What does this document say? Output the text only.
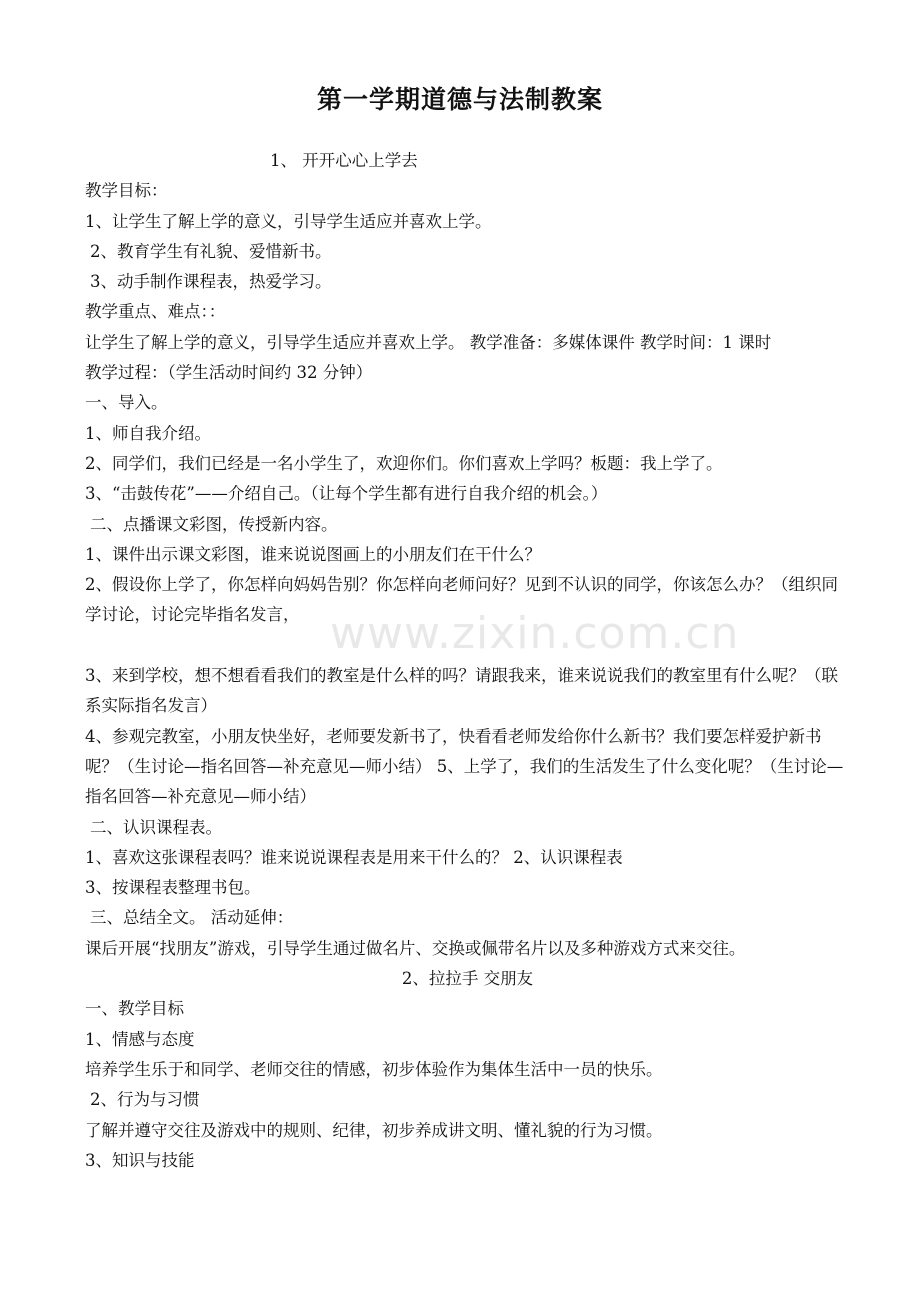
第一学期道德与法制教案
www.zixin.com.cn
1、 开开心心上学去
教学目标：
1、让学生了解上学的意义，引导学生适应并喜欢上学。
2、教育学生有礼貌、爱惜新书。
3、动手制作课程表，热爱学习。
教学重点、难点：：
让学生了解上学的意义，引导学生适应并喜欢上学。 教学准备：多媒体课件 教学时间：1 课时
教学过程：（学生活动时间约 32 分钟）
一、导入。
1、师自我介绍。
2、同学们，我们已经是一名小学生了，欢迎你们。你们喜欢上学吗？板题：我上学了。
3、“击鼓传花”——介绍自己。（让每个学生都有进行自我介绍的机会。）
二、点播课文彩图，传授新内容。
1、课件出示课文彩图，谁来说说图画上的小朋友们在干什么？
2、假设你上学了，你怎样向妈妈告别？你怎样向老师问好？见到不认识的同学，你该怎么办？（组织同学讨论，讨论完毕指名发言，
3、来到学校，想不想看看我们的教室是什么样的吗？请跟我来，谁来说说我们的教室里有什么呢？（联系实际指名发言）
4、参观完教室，小朋友快坐好，老师要发新书了，快看看老师发给你什么新书？我们要怎样爱护新书呢？（生讨论—指名回答—补充意见—师小结） 5、上学了，我们的生活发生了什么变化呢？（生讨论—指名回答—补充意见—师小结）
二、认识课程表。
1、喜欢这张课程表吗？谁来说说课程表是用来干什么的？ 2、认识课程表
3、按课程表整理书包。
三、总结全文。 活动延伸：
课后开展“找朋友”游戏，引导学生通过做名片、交换或佩带名片以及多种游戏方式来交往。
2、拉拉手 交朋友
一、教学目标
1、情感与态度
培养学生乐于和同学、老师交往的情感，初步体验作为集体生活中一员的快乐。
2、行为与习惯
了解并遵守交往及游戏中的规则、纪律，初步养成讲文明、懂礼貌的行为习惯。
3、知识与技能
